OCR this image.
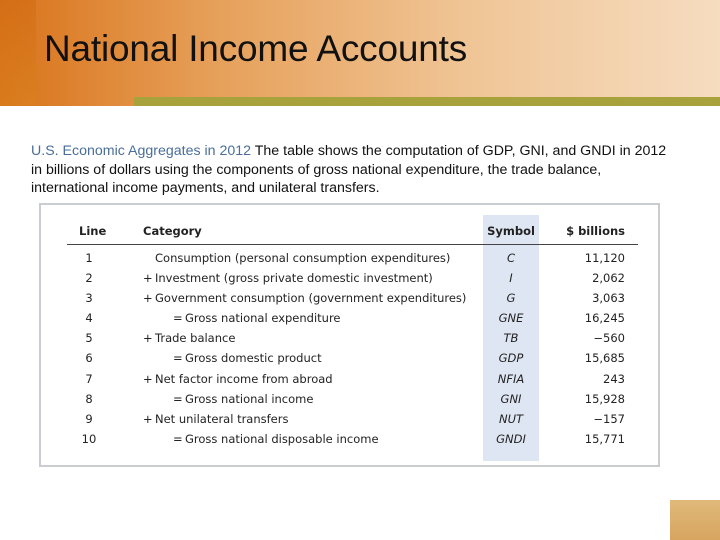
National Income Accounts

U.S. Economic Aggregates in 2012 The table shows the computation of GDP, GNI, and GNDI in 2012 in billions of dollars using the components of gross national expenditure, the trade balance, international income payments, and unilateral transfers.

Line	Category	Symbol	$ billions
1	Consumption (personal consumption expenditures)	C	11,120
2	+ Investment (gross private domestic investment)	I	2,062
3	+ Government consumption (government expenditures)	G	3,063
4	= Gross national expenditure	GNE	16,245
5	+ Trade balance	TB	−560
6	= Gross domestic product	GDP	15,685
7	+ Net factor income from abroad	NFIA	243
8	= Gross national income	GNI	15,928
9	+ Net unilateral transfers	NUT	−157
10	= Gross national disposable income	GNDI	15,771
